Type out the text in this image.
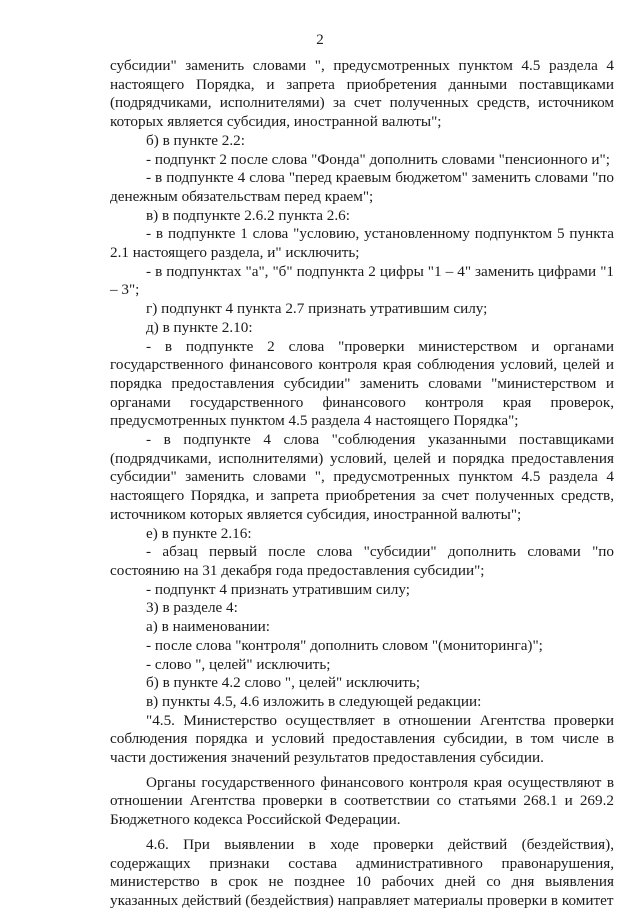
2

субсидии" заменить словами ", предусмотренных пунктом 4.5 раздела 4 настоящего Порядка, и запрета приобретения данными поставщиками (подрядчиками, исполнителями) за счет полученных средств, источником которых является субсидия, иностранной валюты";

б) в пункте 2.2:

- подпункт 2 после слова "Фонда" дополнить словами "пенсионного и";

- в подпункте 4 слова "перед краевым бюджетом" заменить словами "по денежным обязательствам перед краем";

в) в подпункте 2.6.2 пункта 2.6:

- в подпункте 1 слова "условию, установленному подпунктом 5 пункта 2.1 настоящего раздела, и" исключить;

- в подпунктах "а", "б" подпункта 2 цифры "1 – 4" заменить цифрами "1 – 3";

г) подпункт 4 пункта 2.7 признать утратившим силу;

д) в пункте 2.10:

- в подпункте 2 слова "проверки министерством и органами государственного финансового контроля края соблюдения условий, целей и порядка предоставления субсидии" заменить словами "министерством и органами государственного финансового контроля края проверок, предусмотренных пунктом 4.5 раздела 4 настоящего Порядка";

- в подпункте 4 слова "соблюдения указанными поставщиками (подрядчиками, исполнителями) условий, целей и порядка предоставления субсидии" заменить словами ", предусмотренных пунктом 4.5 раздела 4 настоящего Порядка, и запрета приобретения за счет полученных средств, источником которых является субсидия, иностранной валюты";

е) в пункте 2.16:

- абзац первый после слова "субсидии" дополнить словами "по состоянию на 31 декабря года предоставления субсидии";

- подпункт 4 признать утратившим силу;

3) в разделе 4:

а) в наименовании:

- после слова "контроля" дополнить словом "(мониторинга)";

- слово ", целей" исключить;

б) в пункте 4.2 слово ", целей" исключить;

в) пункты 4.5, 4.6 изложить в следующей редакции:

"4.5. Министерство осуществляет в отношении Агентства проверки соблюдения порядка и условий предоставления субсидии, в том числе в части достижения значений результатов предоставления субсидии.

Органы государственного финансового контроля края осуществляют в отношении Агентства проверки в соответствии со статьями 268.1 и 269.2 Бюджетного кодекса Российской Федерации.

4.6. При выявлении в ходе проверки действий (бездействия), содержащих признаки состава административного правонарушения, министерство в срок не позднее 10 рабочих дней со дня выявления указанных действий (бездействия) направляет материалы проверки в комитет
